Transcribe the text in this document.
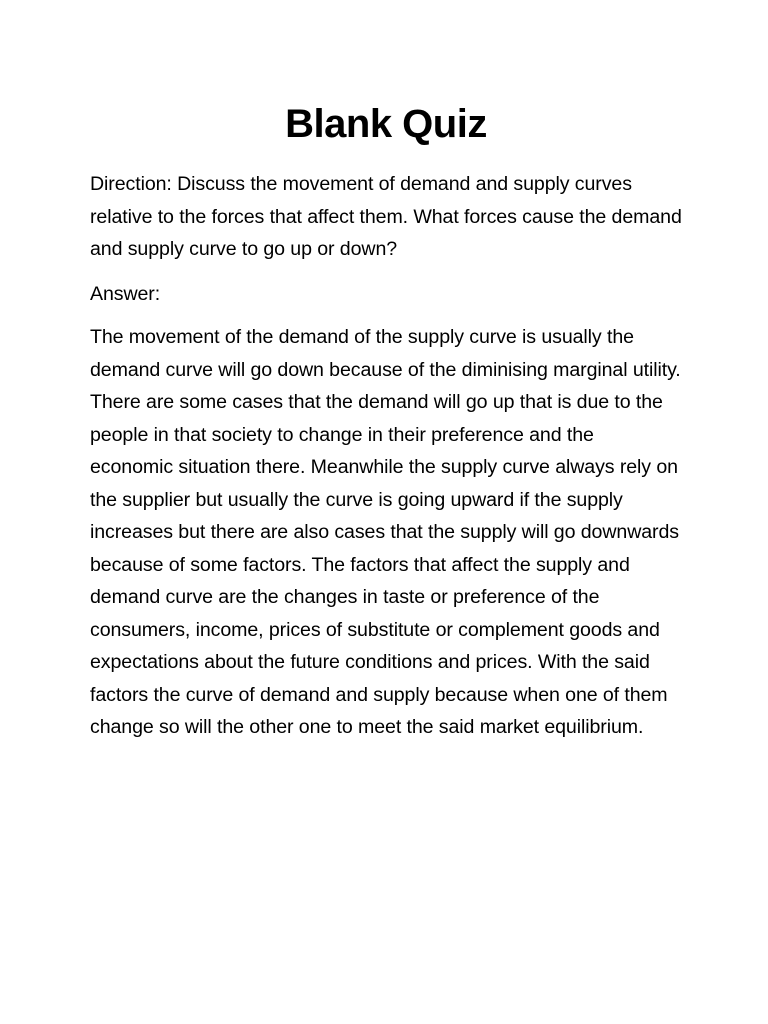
Blank Quiz

Direction: Discuss the movement of demand and supply curves relative to the forces that affect them. What forces cause the demand and supply curve to go up or down?

Answer:

The movement of the demand of the supply curve is usually the demand curve will go down because of the diminising marginal utility. There are some cases that the demand will go up that is due to the people in that society to change in their preference and the economic situation there. Meanwhile the supply curve always rely on the supplier but usually the curve is going upward if the supply increases but there are also cases that the supply will go downwards because of some factors. The factors that affect the supply and demand curve are the changes in taste or preference of the consumers, income, prices of substitute or complement goods and expectations about the future conditions and prices. With the said factors the curve of demand and supply because when one of them change so will the other one to meet the said market equilibrium.
